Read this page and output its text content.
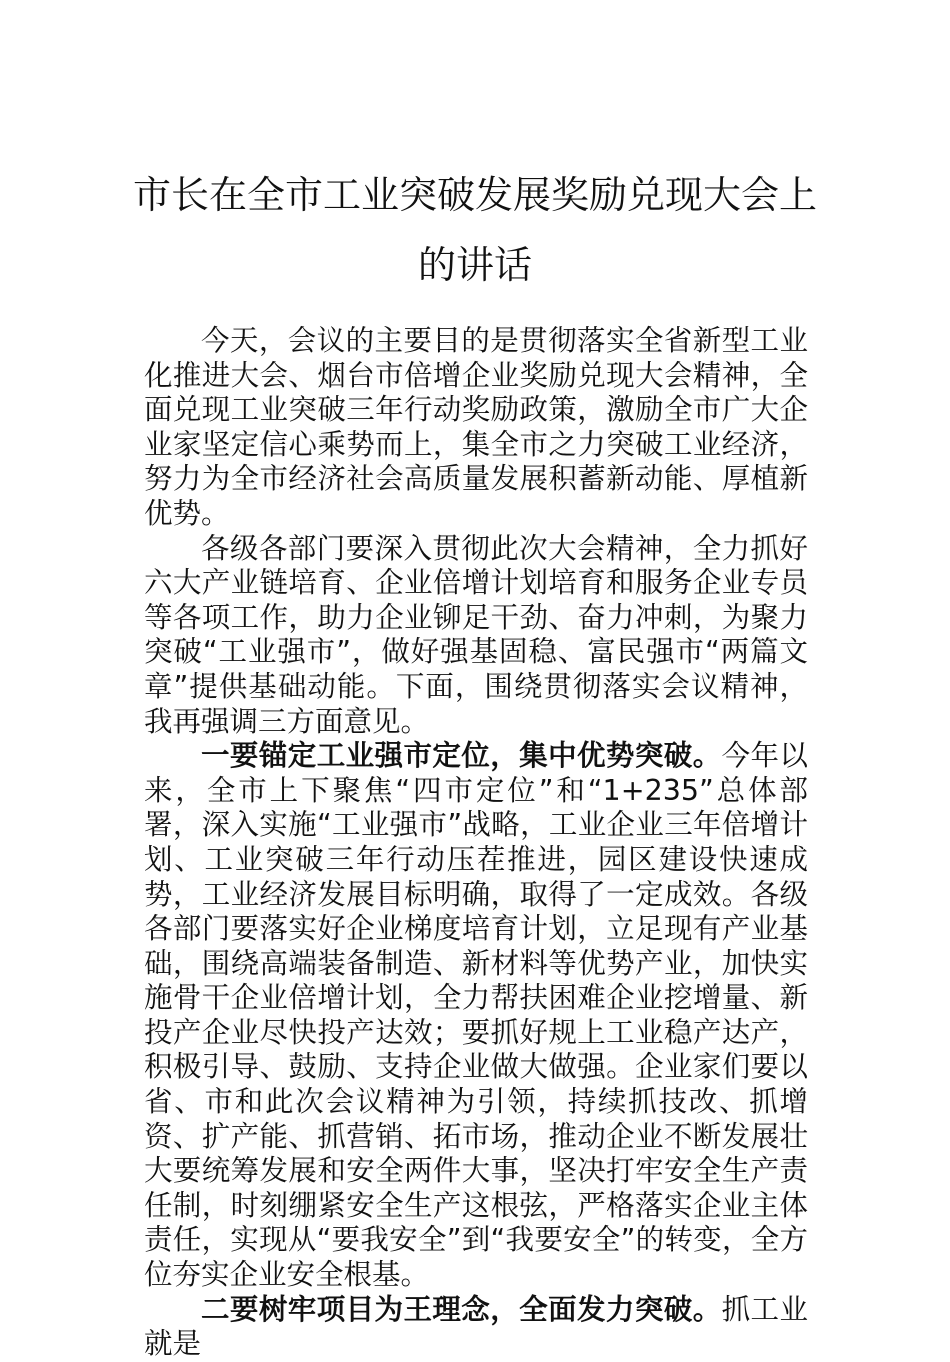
市长在全市工业突破发展奖励兑现大会上的讲话

今天，会议的主要目的是贯彻落实全省新型工业化推进大会、烟台市倍增企业奖励兑现大会精神，全面兑现工业突破三年行动奖励政策，激励全市广大企业家坚定信心乘势而上，集全市之力突破工业经济，努力为全市经济社会高质量发展积蓄新动能、厚植新优势。

各级各部门要深入贯彻此次大会精神，全力抓好六大产业链培育、企业倍增计划培育和服务企业专员等各项工作，助力企业铆足干劲、奋力冲刺，为聚力突破“工业强市”，做好强基固稳、富民强市“两篇文章”提供基础动能。下面，围绕贯彻落实会议精神，我再强调三方面意见。

一要锚定工业强市定位，集中优势突破。今年以来，全市上下聚焦“四市定位”和“1+235”总体部署，深入实施“工业强市”战略，工业企业三年倍增计划、工业突破三年行动压茬推进，园区建设快速成势，工业经济发展目标明确，取得了一定成效。各级各部门要落实好企业梯度培育计划，立足现有产业基础，围绕高端装备制造、新材料等优势产业，加快实施骨干企业倍增计划，全力帮扶困难企业挖增量、新投产企业尽快投产达效；要抓好规上工业稳产达产，积极引导、鼓励、支持企业做大做强。企业家们要以省、市和此次会议精神为引领，持续抓技改、抓增资、扩产能、抓营销、拓市场，推动企业不断发展壮大要统筹发展和安全两件大事，坚决打牢安全生产责任制，时刻绷紧安全生产这根弦，严格落实企业主体责任，实现从“要我安全”到“我要安全”的转变，全方位夯实企业安全根基。

二要树牢项目为王理念，全面发力突破。抓工业就是
